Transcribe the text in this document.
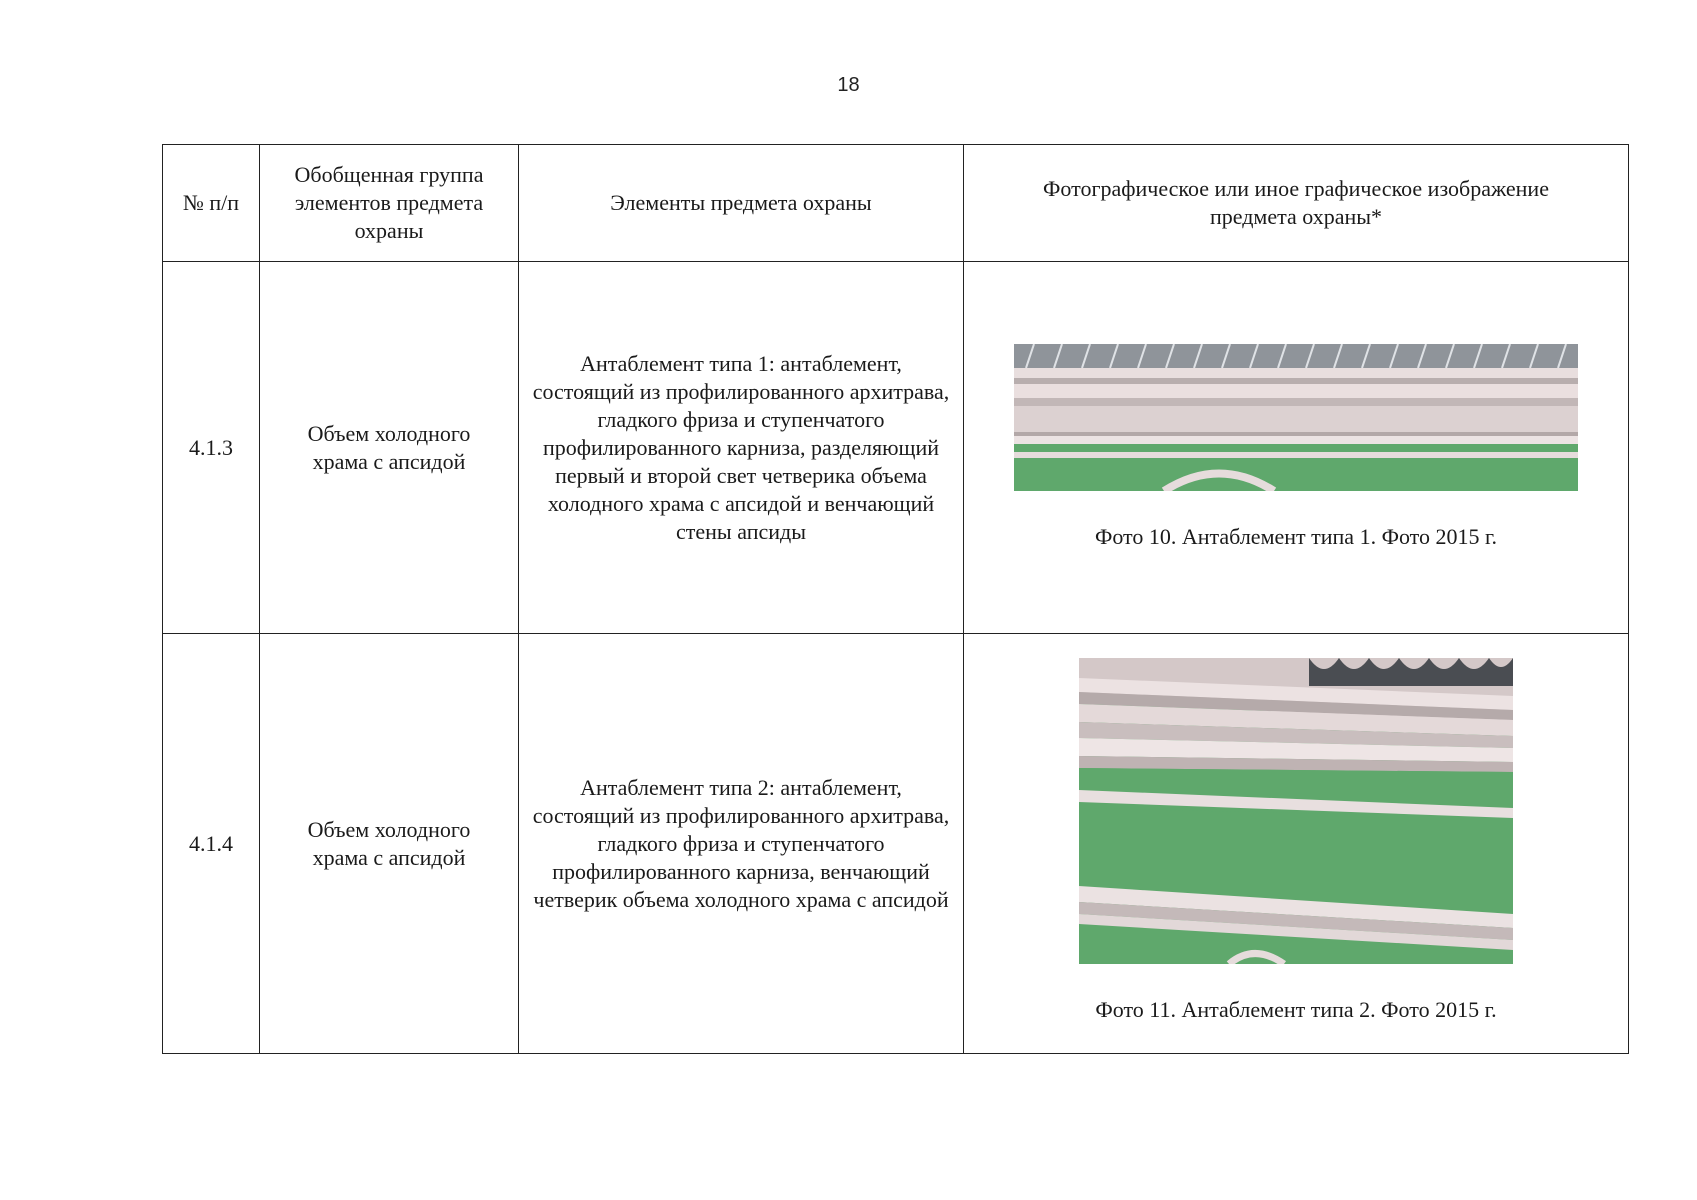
18
№ п/п	Обобщенная группа элементов предмета охраны	Элементы предмета охраны	Фотографическое или иное графическое изображение предмета охраны*
4.1.3	Объем холодного храма с апсидой	Антаблемент типа 1: антаблемент, состоящий из профилированного архитрава, гладкого фриза и ступенчатого профилированного карниза, разделяющий первый и второй свет четверика объема холодного храма с апсидой и венчающий стены апсиды	Фото 10. Антаблемент типа 1. Фото 2015 г.

4.1.4	Объем холодного храма с апсидой	Антаблемент типа 2: антаблемент, состоящий из профилированного архитрава, гладкого фриза и ступенчатого профилированного карниза, венчающий четверик объема холодного храма с апсидой	Фото 11. Антаблемент типа 2. Фото 2015 г.
